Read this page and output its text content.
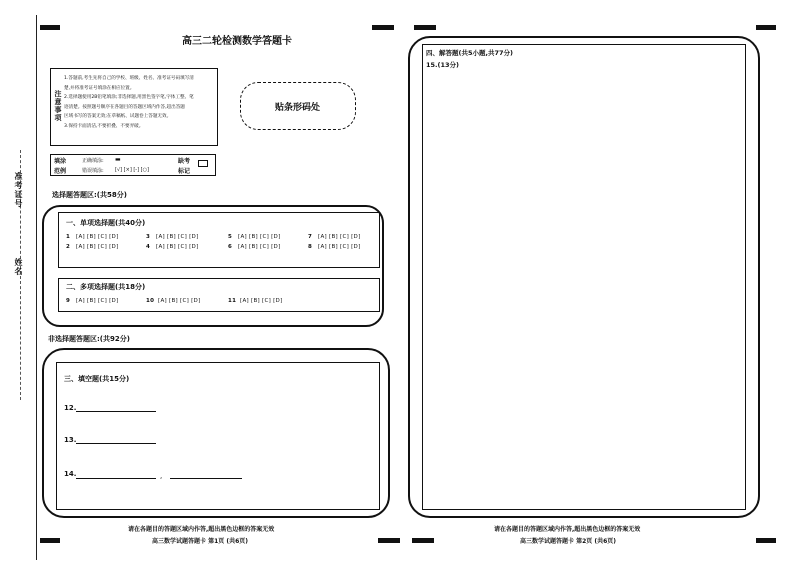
准考证号
姓名
高三二轮检测数学答题卡
注意事项
1.答题前,考生先将自己的学校、班级、姓名、准考证号码填写清
楚,并将准考证号填涂在相应位置。
2.选择题使用2B铅笔填涂;非选择题,用黑色签字笔,字体工整、笔
迹清楚。按照题号顺序在各题目的答题区域内作答,超出答题
区域书写的答案无效;在草稿纸、试题卷上答题无效。
3.保持卡面清洁,不要折叠、不要弄破。
贴条形码处
填涂
范例
正确填涂: ▬
错误填涂: [√] [×] [-] [○]
缺考
标记
选择题答题区:(共58分)
一、单项选择题(共40分)
1 [A] [B] [C] [D]	3 [A] [B] [C] [D]	5 [A] [B] [C] [D]	7 [A] [B] [C] [D]
2 [A] [B] [C] [D]	4 [A] [B] [C] [D]	6 [A] [B] [C] [D]	8 [A] [B] [C] [D]
二、多项选择题(共18分)
9 [A] [B] [C] [D]	10 [A] [B] [C] [D]	11 [A] [B] [C] [D]
非选择题答题区:(共92分)
三、填空题(共15分)
12.
13.
14.	,
请在各题目的答题区域内作答,超出黑色边框的答案无效
高三数学试题答题卡 第1页 (共6页)
四、解答题(共5小题,共77分)
15.(13分)
请在各题目的答题区域内作答,超出黑色边框的答案无效
高三数学试题答题卡 第2页 (共6页)
